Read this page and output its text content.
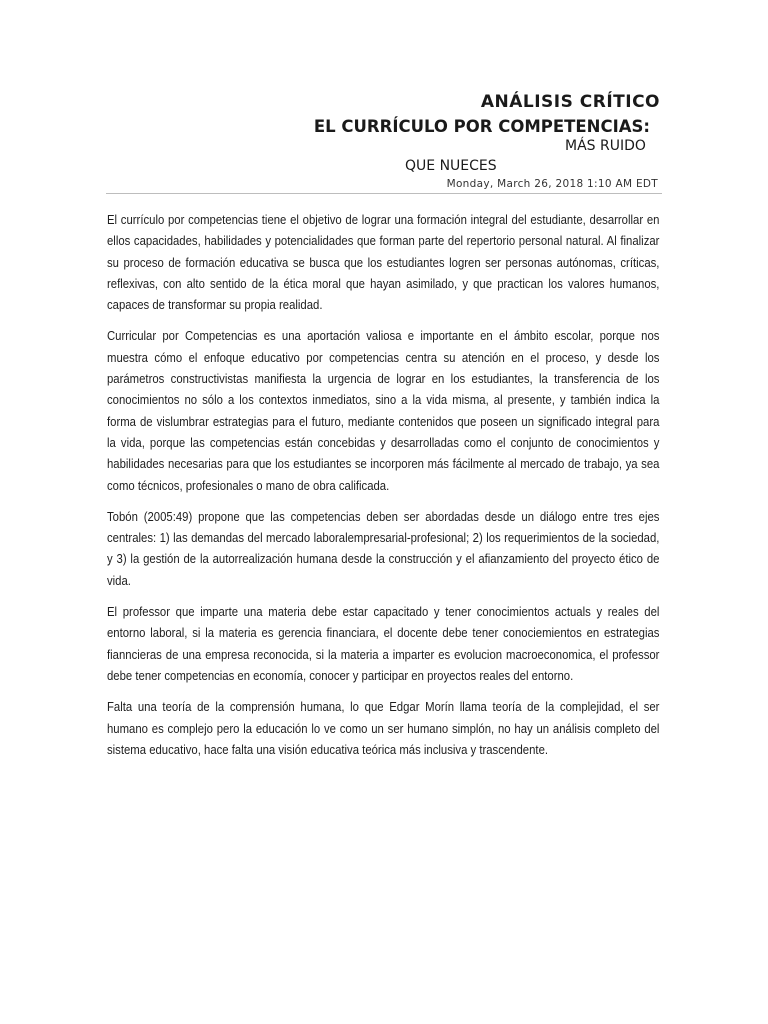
ANÁLISIS CRÍTICO
EL CURRÍCULO POR COMPETENCIAS:
MÁS RUIDO
QUE NUECES
Monday, March 26, 2018 1:10 AM EDT

El currículo por competencias tiene el objetivo de lograr una formación integral del estudiante, desarrollar en ellos capacidades, habilidades y potencialidades que forman parte del repertorio personal natural. Al finalizar su proceso de formación educativa se busca que los estudiantes logren ser personas autónomas, críticas, reflexivas, con alto sentido de la ética moral que hayan asimilado, y que practican los valores humanos, capaces de transformar su propia realidad.

Curricular por Competencias es una aportación valiosa e importante en el ámbito escolar, porque nos muestra cómo el enfoque educativo por competencias centra su atención en el proceso, y desde los parámetros constructivistas manifiesta la urgencia de lograr en los estudiantes, la transferencia de los conocimientos no sólo a los contextos inmediatos, sino a la vida misma, al presente, y también indica la forma de vislumbrar estrategias para el futuro, mediante contenidos que poseen un significado integral para la vida, porque las competencias están concebidas y desarrolladas como el conjunto de conocimientos y habilidades necesarias para que los estudiantes se incorporen más fácilmente al mercado de trabajo, ya sea como técnicos, profesionales o mano de obra calificada.

Tobón (2005:49) propone que las competencias deben ser abordadas desde un diálogo entre tres ejes centrales: 1) las demandas del mercado laboralempresarial-profesional; 2) los requerimientos de la sociedad, y 3) la gestión de la autorrealización humana desde la construcción y el afianzamiento del proyecto ético de vida.

El professor que imparte una materia debe estar capacitado y tener conocimientos actuals y reales del entorno laboral, si la materia es gerencia financiara, el docente debe tener conociemientos en estrategias fianncieras de una empresa reconocida, si la materia a imparter es evolucion macroeconomica, el professor debe tener competencias en economía, conocer y participar en proyectos reales del entorno.

Falta una teoría de la comprensión humana, lo que Edgar Morín llama teoría de la complejidad, el ser humano es complejo pero la educación lo ve como un ser humano simplón, no hay un análisis completo del sistema educativo, hace falta una visión educativa teórica más inclusiva y trascendente.
